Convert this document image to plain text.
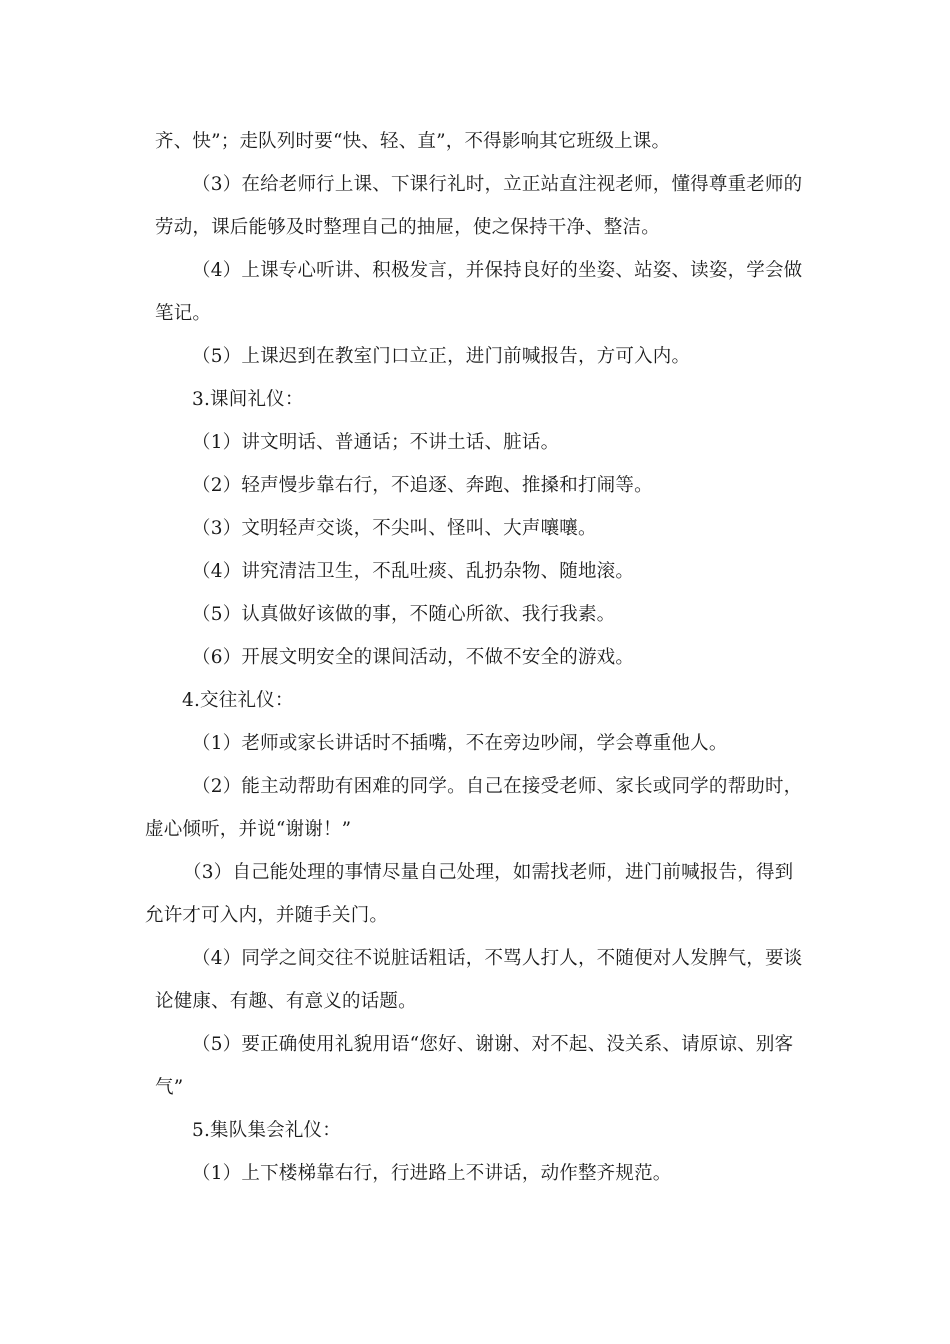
齐、快”；走队列时要“快、轻、直”，不得影响其它班级上课。

（3）在给老师行上课、下课行礼时，立正站直注视老师，懂得尊重老师的

劳动，课后能够及时整理自己的抽屉，使之保持干净、整洁。

（4）上课专心听讲、积极发言，并保持良好的坐姿、站姿、读姿，学会做

笔记。

（5）上课迟到在教室门口立正，进门前喊报告，方可入内。

3.课间礼仪：

（1）讲文明话、普通话；不讲土话、脏话。

（2）轻声慢步靠右行，不追逐、奔跑、推搡和打闹等。

（3）文明轻声交谈，不尖叫、怪叫、大声嚷嚷。

（4）讲究清洁卫生，不乱吐痰、乱扔杂物、随地滚。

（5）认真做好该做的事，不随心所欲、我行我素。

（6）开展文明安全的课间活动，不做不安全的游戏。

4.交往礼仪：

（1）老师或家长讲话时不插嘴，不在旁边吵闹，学会尊重他人。

（2）能主动帮助有困难的同学。自己在接受老师、家长或同学的帮助时，

虚心倾听，并说“谢谢！”

（3）自己能处理的事情尽量自己处理，如需找老师，进门前喊报告，得到

允许才可入内，并随手关门。

（4）同学之间交往不说脏话粗话，不骂人打人，不随便对人发脾气，要谈

论健康、有趣、有意义的话题。

（5）要正确使用礼貌用语“您好、谢谢、对不起、没关系、请原谅、别客

气”

5.集队集会礼仪：

（1）上下楼梯靠右行，行进路上不讲话，动作整齐规范。
